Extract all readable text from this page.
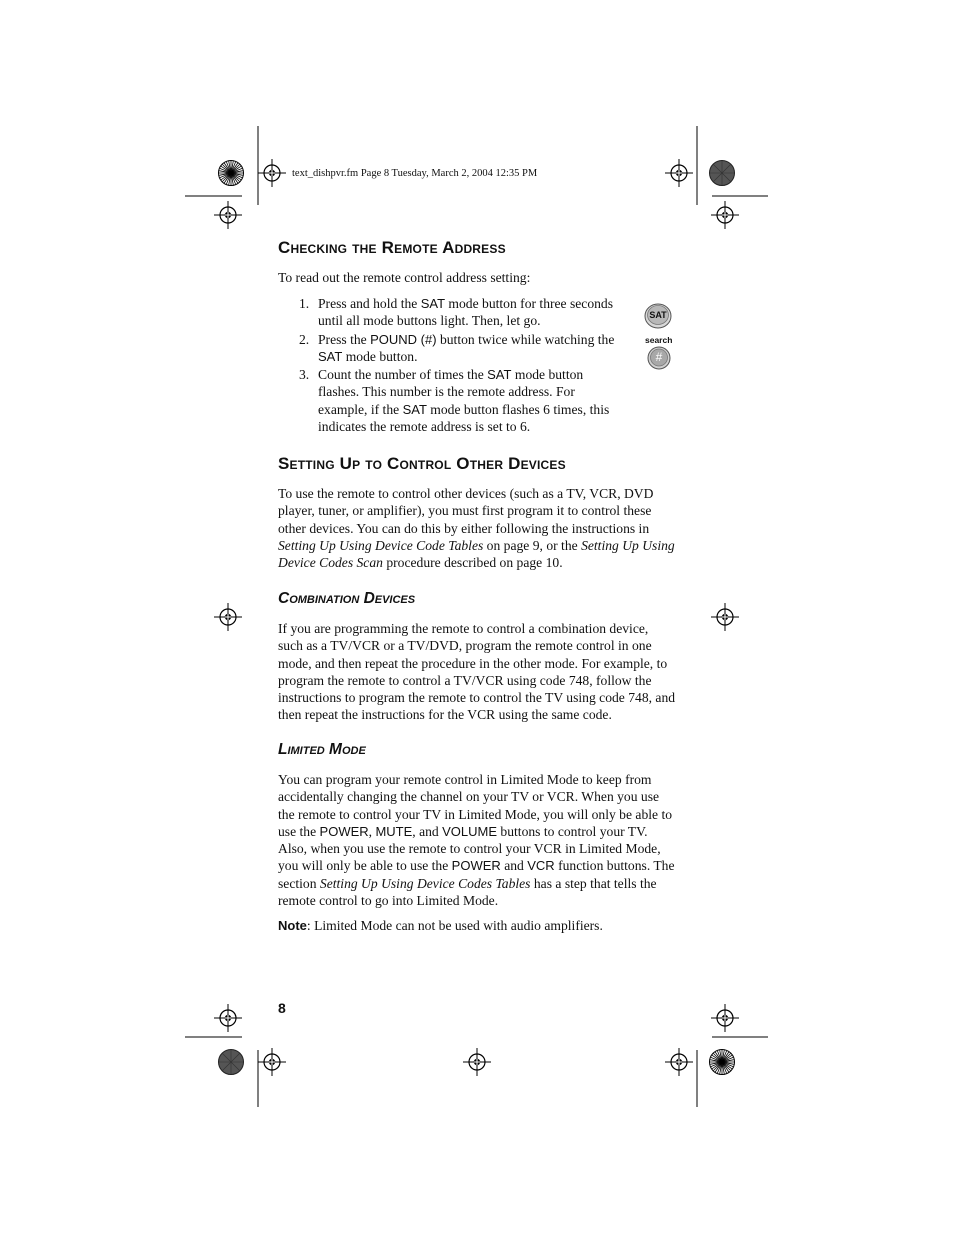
text_dishpvr.fm Page 8 Tuesday, March 2, 2004 12:35 PM
Checking the Remote Address

To read out the remote control address setting:

1. Press and hold the SAT mode button for three seconds until all mode buttons light. Then, let go.
2. Press the POUND (#) button twice while watching the SAT mode button.
3. Count the number of times the SAT mode button flashes. This number is the remote address. For example, if the SAT mode button flashes 6 times, this indicates the remote address is set to 6.
SAT
search
#
Setting Up to Control Other Devices

To use the remote to control other devices (such as a TV, VCR, DVD player, tuner, or amplifier), you must first program it to control these other devices. You can do this by either following the instructions in Setting Up Using Device Code Tables on page 9, or the Setting Up Using Device Codes Scan procedure described on page 10.

Combination Devices

If you are programming the remote to control a combination device, such as a TV/VCR or a TV/DVD, program the remote control in one mode, and then repeat the procedure in the other mode. For example, to program the remote to control a TV/VCR using code 748, follow the instructions to program the remote to control the TV using code 748, and then repeat the instructions for the VCR using the same code.

Limited Mode

You can program your remote control in Limited Mode to keep from accidentally changing the channel on your TV or VCR. When you use the remote to control your TV in Limited Mode, you will only be able to use the POWER, MUTE, and VOLUME buttons to control your TV. Also, when you use the remote to control your VCR in Limited Mode, you will only be able to use the POWER and VCR function buttons. The section Setting Up Using Device Codes Tables has a step that tells the remote control to go into Limited Mode.

Note: Limited Mode can not be used with audio amplifiers.

8
